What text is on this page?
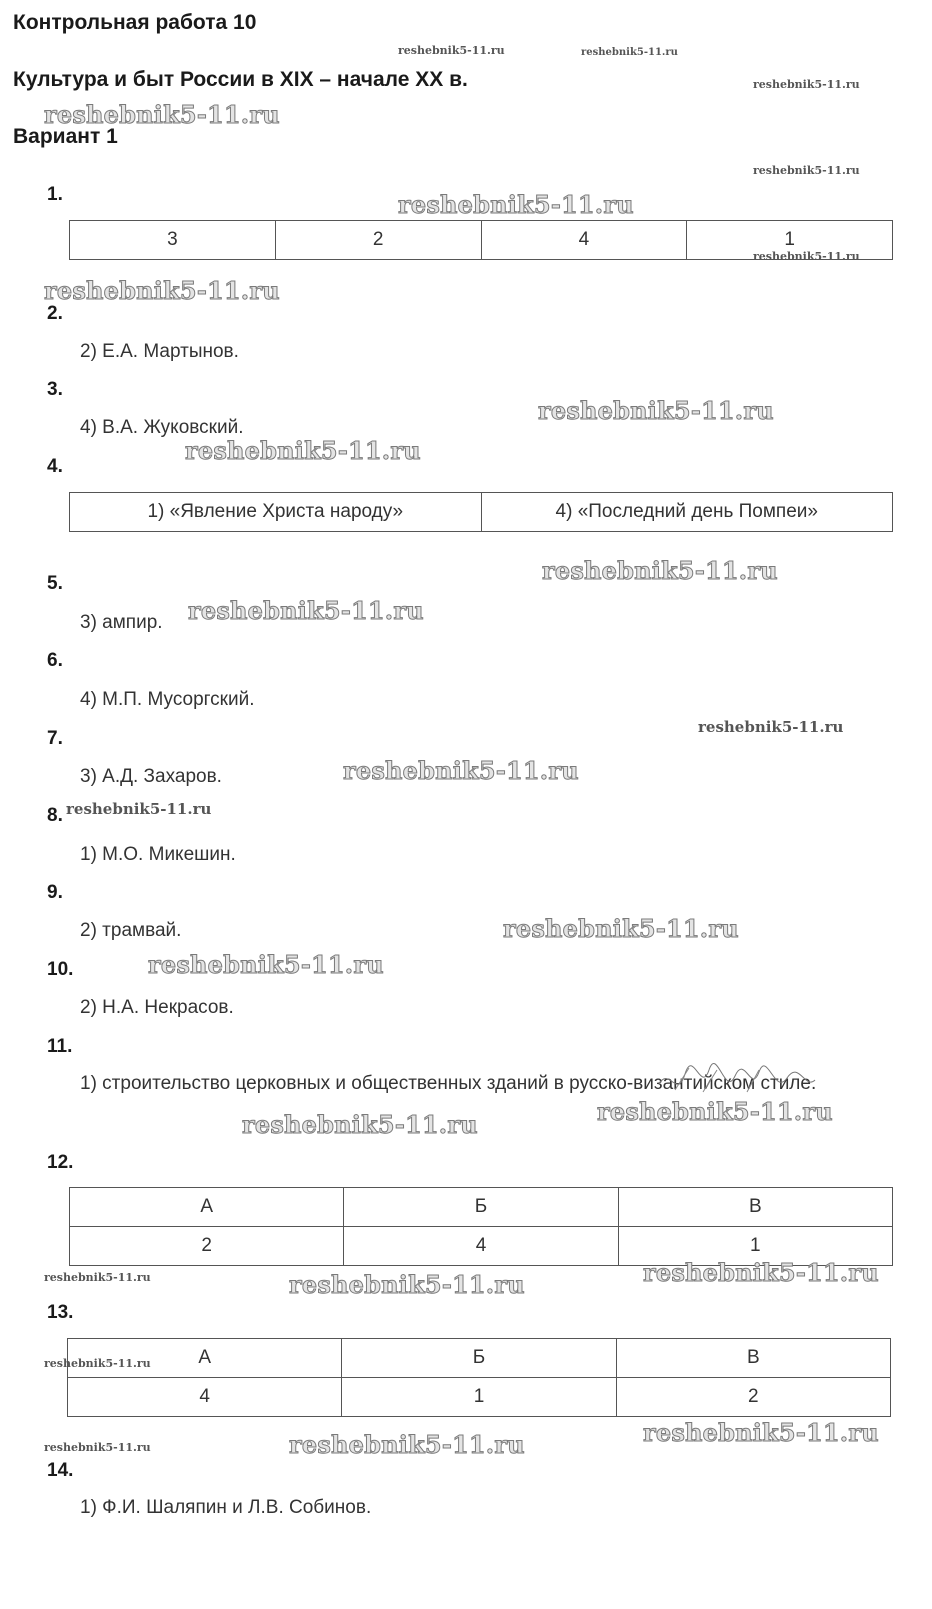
Контрольная работа 10
Культура и быт России в XIX – начале XX в.
Вариант 1
1.
3	2	4	1
2.
2) Е.А. Мартынов.
3.
4) В.А. Жуковский.
4.
1) «Явление Христа народу»	4) «Последний день Помпеи»
5.
3) ампир.
6.
4) М.П. Мусоргский.
7.
3) А.Д. Захаров.
8.
1) М.О. Микешин.
9.
2) трамвай.
10.
2) Н.А. Некрасов.
11.
1) строительство церковных и общественных зданий в русско-византийском стиле.
12.
А	Б	В
2	4	1
13.
А	Б	В
4	1	2
14.
1) Ф.И. Шаляпин и Л.В. Собинов.
reshebnik5-11.ru	reshebnik5-11.ru
reshebnik5-11.ru
reshebnik5-11.ru
reshebnik5-11.ru
reshebnik5-11.ru
reshebnik5-11.ru
reshebnik5-11.ru
reshebnik5-11.ru
reshebnik5-11.ru
reshebnik5-11.ru
reshebnik5-11.ru
reshebnik5-11.ru
reshebnik5-11.ru
reshebnik5-11.ru
reshebnik5-11.ru
reshebnik5-11.ru
reshebnik5-11.ru
reshebnik5-11.ru
reshebnik5-11.ru	reshebnik5-11.ru
reshebnik5-11.ru
reshebnik5-11.ru
reshebnik5-11.ru
reshebnik5-11.ru
reshebnik5-11.ru
